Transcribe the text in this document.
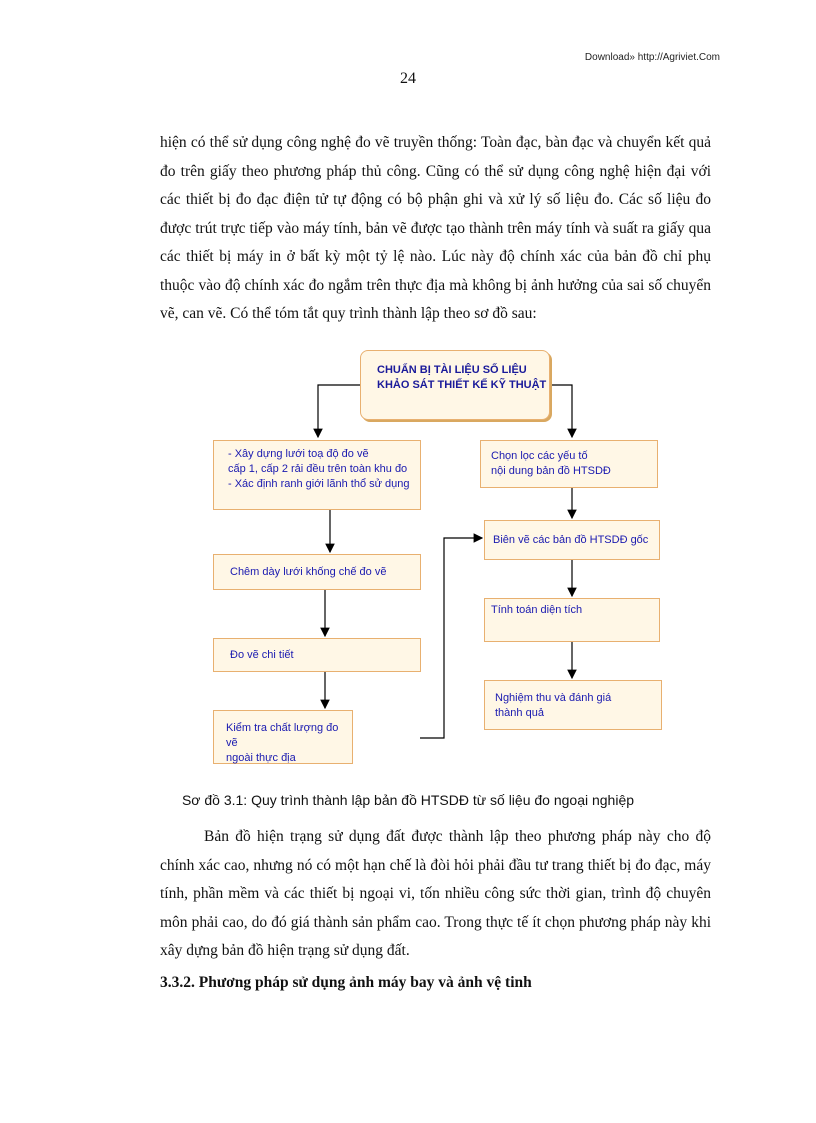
Download» http://Agriviet.Com
24

hiện có thể sử dụng công nghệ đo vẽ truyền thống: Toàn đạc, bàn đạc và chuyển kết quả đo trên giấy theo phương pháp thủ công. Cũng có thể sử dụng công nghệ hiện đại với các thiết bị đo đạc điện tử tự động có bộ phận ghi và xử lý số liệu đo. Các số liệu đo được trút trực tiếp vào máy tính, bản vẽ được tạo thành trên máy tính và suất ra giấy qua các thiết bị máy in ở bất kỳ một tỷ lệ nào. Lúc này độ chính xác của bản đồ chỉ phụ thuộc vào độ chính xác đo ngắm trên thực địa mà không bị ảnh hưởng của sai số chuyển vẽ, can vẽ. Có thể tóm tắt quy trình thành lập theo sơ đồ sau:

CHUẨN BỊ TÀI LIỆU SỐ LIỆU
KHẢO SÁT THIẾT KẾ KỸ THUẬT
- Xây dựng lưới toạ độ đo vẽ
cấp 1, cấp 2 rải đều trên toàn khu đo
- Xác định ranh giới lãnh thổ sử dụng
Chêm dày lưới khống chế đo vẽ
Đo vẽ chi tiết
Kiểm tra chất lượng đo vẽ
ngoài thực địa
Chọn lọc các yếu tố
nội dung bản đồ HTSDĐ
Biên vẽ các bản đồ HTSDĐ gốc
Tính toán diện tích
Nghiệm thu và đánh giá
thành quả
Sơ đồ 3.1: Quy trình thành lập bản đồ HTSDĐ từ số liệu đo ngoại nghiệp

Bản đồ hiện trạng sử dụng đất được thành lập theo phương pháp này cho độ chính xác cao, nhưng nó có một hạn chế là đòi hỏi phải đầu tư trang thiết bị đo đạc, máy tính, phần mềm và các thiết bị ngoại vi, tốn nhiều công sức thời gian, trình độ chuyên môn phải cao, do đó giá thành sản phẩm cao. Trong thực tế ít chọn phương pháp này khi xây dựng bản đồ hiện trạng sử dụng đất.

3.3.2. Phương pháp sử dụng ảnh máy bay và ảnh vệ tinh
